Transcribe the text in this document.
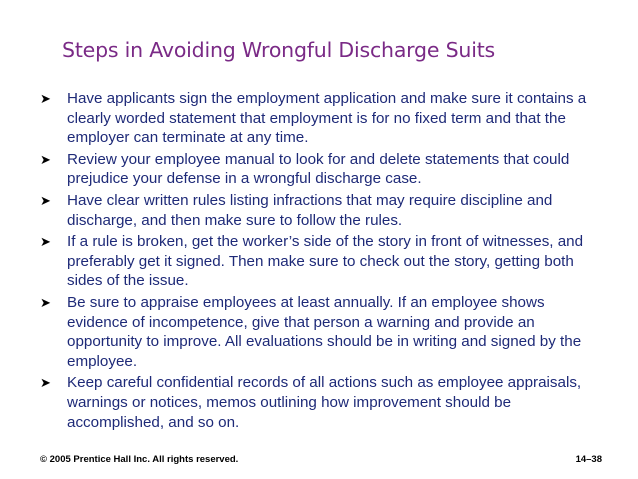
Steps in Avoiding Wrongful Discharge Suits
➤ Have applicants sign the employment application and make sure it contains a clearly worded statement that employment is for no fixed term and that the employer can terminate at any time.
➤ Review your employee manual to look for and delete statements that could prejudice your defense in a wrongful discharge case.
➤ Have clear written rules listing infractions that may require discipline and discharge, and then make sure to follow the rules.
➤ If a rule is broken, get the worker’s side of the story in front of witnesses, and preferably get it signed. Then make sure to check out the story, getting both sides of the issue.
➤ Be sure to appraise employees at least annually. If an employee shows evidence of incompetence, give that person a warning and provide an opportunity to improve. All evaluations should be in writing and signed by the employee.
➤ Keep careful confidential records of all actions such as employee appraisals, warnings or notices, memos outlining how improvement should be accomplished, and so on.
© 2005 Prentice Hall Inc. All rights reserved.	14–38
